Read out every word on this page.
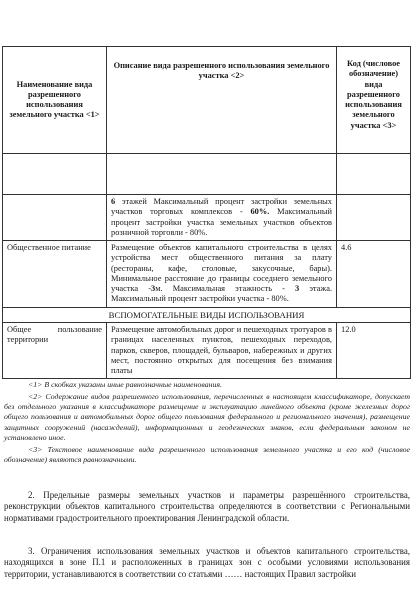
Наименование вида разрешенного использования земельного участка <1>	Описание вида разрешенного использования земельного участка <2>	Код (числовое обозначение) вида разрешенного использования земельного участка <3>

	6 этажей Максимальный процент застройки земельных участков торговых комплексов - 60%. Максимальный процент застройки участка земельных участков объектов розничной торговли - 80%.	
Общественное питание	Размещение объектов капитального строительства в целях устройства мест общественного питания за плату (рестораны, кафе, столовые, закусочные, бары). Минимальное расстояние до границы соседнего земельного участка -3м. Максимальная этажность - 3 этажа. Максимальный процент застройки участка - 80%.	4.6
ВСПОМОГАТЕЛЬНЫЕ ВИДЫ ИСПОЛЬЗОВАНИЯ		
Общее пользование территории	Размещение автомобильных дорог и пешеходных тротуаров в границах населенных пунктов, пешеходных переходов, парков, скверов, площадей, бульваров, набережных и других мест, постоянно открытых для посещения без взимания платы	12.0

<1> В скобках указаны иные равнозначные наименования.

<2> Содержание видов разрешенного использования, перечисленных в настоящем классификаторе, допускает без отдельного указания в классификаторе размещение и эксплуатацию линейного объекта (кроме железных дорог общего пользования и автомобильных дорог общего пользования федерального и регионального значения), размещение защитных сооружений (насаждений), информационных и геодезических знаков, если федеральным законом не установлено иное.

<3> Текстовое наименование вида разрешенного использования земельного участка и его код (числовое обозначение) являются равнозначными.

2. Предельные размеры земельных участков и параметры разрешённого строительства, реконструкции объектов капитального строительства определяются в соответствии с Региональными нормативами градостроительного проектирования Ленинградской области.

3. Ограничения использования земельных участков и объектов капитального строительства, находящихся в зоне П.1 и расположенных в границах зон с особыми условиями использования территории, устанавливаются в соответствии со статьями …… настоящих Правил застройки
